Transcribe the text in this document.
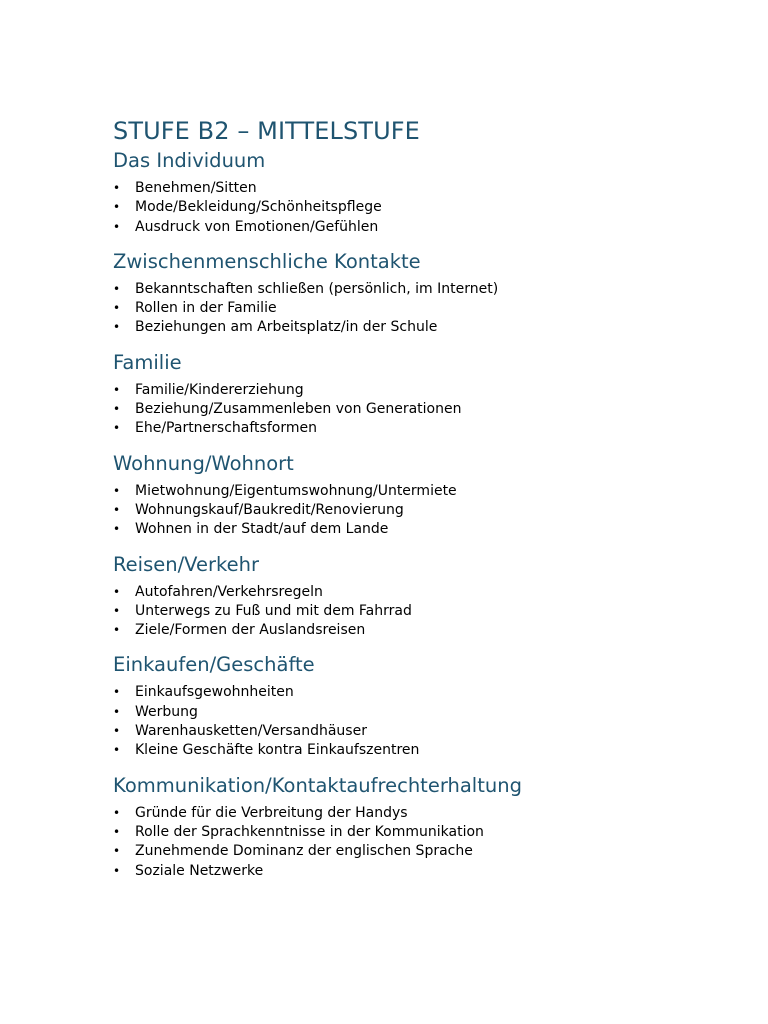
STUFE B2 – MITTELSTUFE
Das Individuum
• Benehmen/Sitten
• Mode/Bekleidung/Schönheitspflege
• Ausdruck von Emotionen/Gefühlen
Zwischenmenschliche Kontakte
• Bekanntschaften schließen (persönlich, im Internet)
• Rollen in der Familie
• Beziehungen am Arbeitsplatz/in der Schule
Familie
• Familie/Kindererziehung
• Beziehung/Zusammenleben von Generationen
• Ehe/Partnerschaftsformen
Wohnung/Wohnort
• Mietwohnung/Eigentumswohnung/Untermiete
• Wohnungskauf/Baukredit/Renovierung
• Wohnen in der Stadt/auf dem Lande
Reisen/Verkehr
• Autofahren/Verkehrsregeln
• Unterwegs zu Fuß und mit dem Fahrrad
• Ziele/Formen der Auslandsreisen
Einkaufen/Geschäfte
• Einkaufsgewohnheiten
• Werbung
• Warenhausketten/Versandhäuser
• Kleine Geschäfte kontra Einkaufszentren
Kommunikation/Kontaktaufrechterhaltung
• Gründe für die Verbreitung der Handys
• Rolle der Sprachkenntnisse in der Kommunikation
• Zunehmende Dominanz der englischen Sprache
• Soziale Netzwerke
